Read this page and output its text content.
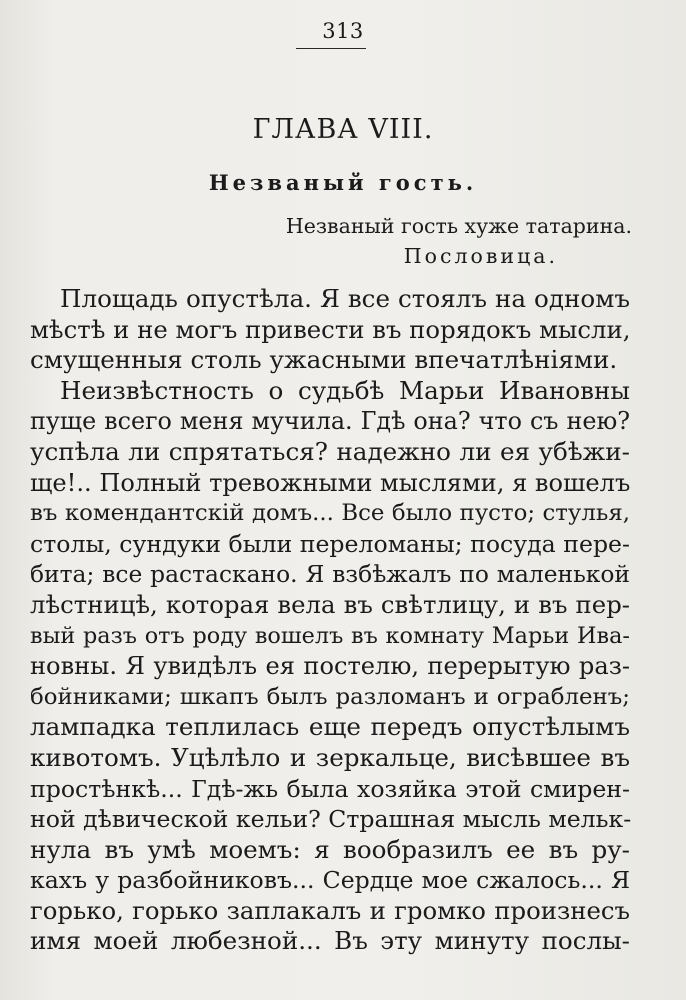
313
ГЛАВА VIII.
Незваный гость.
Незваный гость хуже татарина.
Пословица.

Площадь опустѣла. Я все стоялъ на одномъ
мѣстѣ и не могъ привести въ порядокъ мысли,
смущенныя столь ужасными впечатлѣніями.

Неизвѣстность о судьбѣ Марьи Ивановны
пуще всего меня мучила. Гдѣ она? что съ нею?
успѣла ли спрятаться? надежно ли ея убѣжи-
ще!.. Полный тревожными мыслями, я вошелъ
въ комендантскій домъ... Все было пусто; стулья,
столы, сундуки были переломаны; посуда пере-
бита; все растаскано. Я взбѣжалъ по маленькой
лѣстницѣ, которая вела въ свѣтлицу, и въ пер-
вый разъ отъ роду вошелъ въ комнату Марьи Ива-
новны. Я увидѣлъ ея постелю, перерытую раз-
бойниками; шкапъ былъ разломанъ и ограбленъ;
лампадка теплилась еще передъ опустѣлымъ
кивотомъ. Уцѣлѣло и зеркальце, висѣвшее въ
простѣнкѣ... Гдѣ-жь была хозяйка этой смирен-
ной дѣвической кельи? Страшная мысль мельк-
нула въ умѣ моемъ: я вообразилъ ее въ ру-
кахъ у разбойниковъ... Сердце мое сжалось... Я
горько, горько заплакалъ и громко произнесъ
имя моей любезной... Въ эту минуту послы-
